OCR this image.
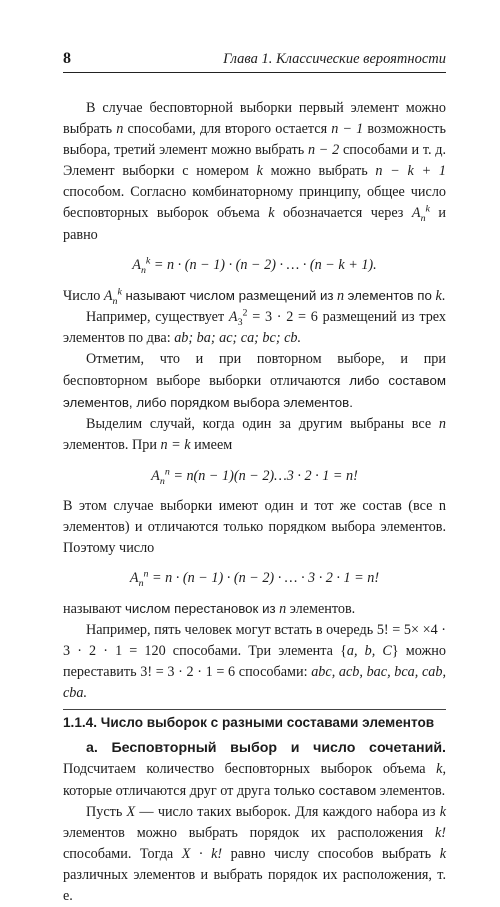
8	Глава 1. Классические вероятности

В случае бесповторной выборки первый элемент можно выбрать n способами, для второго остается n − 1 возможность выбора, третий элемент можно выбрать n − 2 способами и т. д. Элемент выборки с номером k можно выбрать n − k + 1 способом. Согласно комбинаторному принципу, общее число бесповторных выборок объема k обозначается через $A_n^k$ и равно

$A_n^k = n \cdot (n - 1) \cdot (n - 2)$ · … · (n − k + 1).

Число $A_n^k$ называют числом размещений из n элементов по k.

Например, существует $A_3^2 = 3 \cdot 2 = 6$ размещений из трех элементов по два: ab; ba; ac; ca; bc; cb.

Отметим, что и при повторном выборе, и при бесповторном выборе выборки отличаются либо составом элементов, либо порядком выбора элементов.

Выделим случай, когда один за другим выбраны все n элементов. При n = k имеем

$A_n^n = n(n - 1)(n$ − 2)…3 · 2 · 1 = n!

В этом случае выборки имеют один и тот же состав (все n элементов) и отличаются только порядком выбора элементов. Поэтому число

$A_n^n = n \cdot (n - 1) \cdot (n - 2)$ · … · 3 · 2 · 1 = n!

называют числом перестановок из n элементов.

Например, пять человек могут встать в очередь 5! = 5× ×4 · 3 · 2 · 1 = 120 способами. Три элемента {a, b, C} можно переставить 3! = 3 · 2 · 1 = 6 способами: abc, acb, bac, bca, cab, cba.

1.1.4. Число выборок с разными составами элементов

а. Бесповторный выбор и число сочетаний. Подсчитаем количество бесповторных выборок объема k, которые отличаются друг от друга только составом элементов.

Пусть X — число таких выборок. Для каждого набора из k элементов можно выбрать порядок их расположения k! способами. Тогда X · k! равно числу способов выбрать k различных элементов и выбрать порядок их расположения, т. е.
